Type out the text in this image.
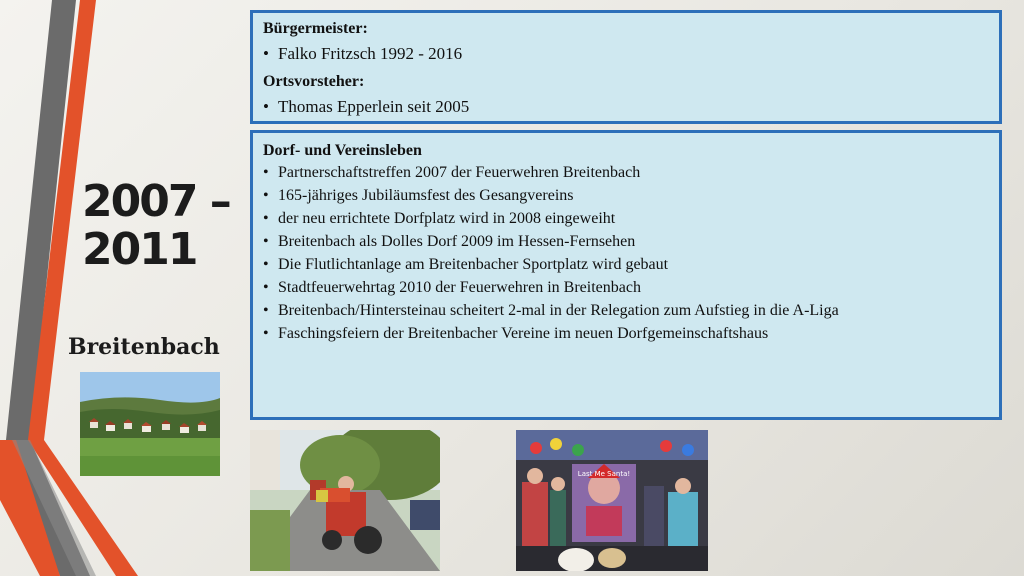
2007 –
2011
Breitenbach
Bürgermeister:
• Falko Fritzsch 1992 - 2016
Ortsvorsteher:
• Thomas Epperlein seit 2005
Dorf- und Vereinsleben
• Partnerschaftstreffen 2007 der Feuerwehren Breitenbach
• 165-jähriges Jubiläumsfest des Gesangvereins
• der neu errichtete Dorfplatz wird in 2008 eingeweiht
• Breitenbach als Dolles Dorf 2009 im Hessen-Fernsehen
• Die Flutlichtanlage am Breitenbacher Sportplatz wird gebaut
• Stadtfeuerwehrtag 2010 der Feuerwehren in Breitenbach
• Breitenbach/Hintersteinau scheitert 2-mal in der Relegation zum Aufstieg in die A-Liga
• Faschingsfeiern der Breitenbacher Vereine im neuen Dorfgemeinschaftshaus
Last Me Santa!
